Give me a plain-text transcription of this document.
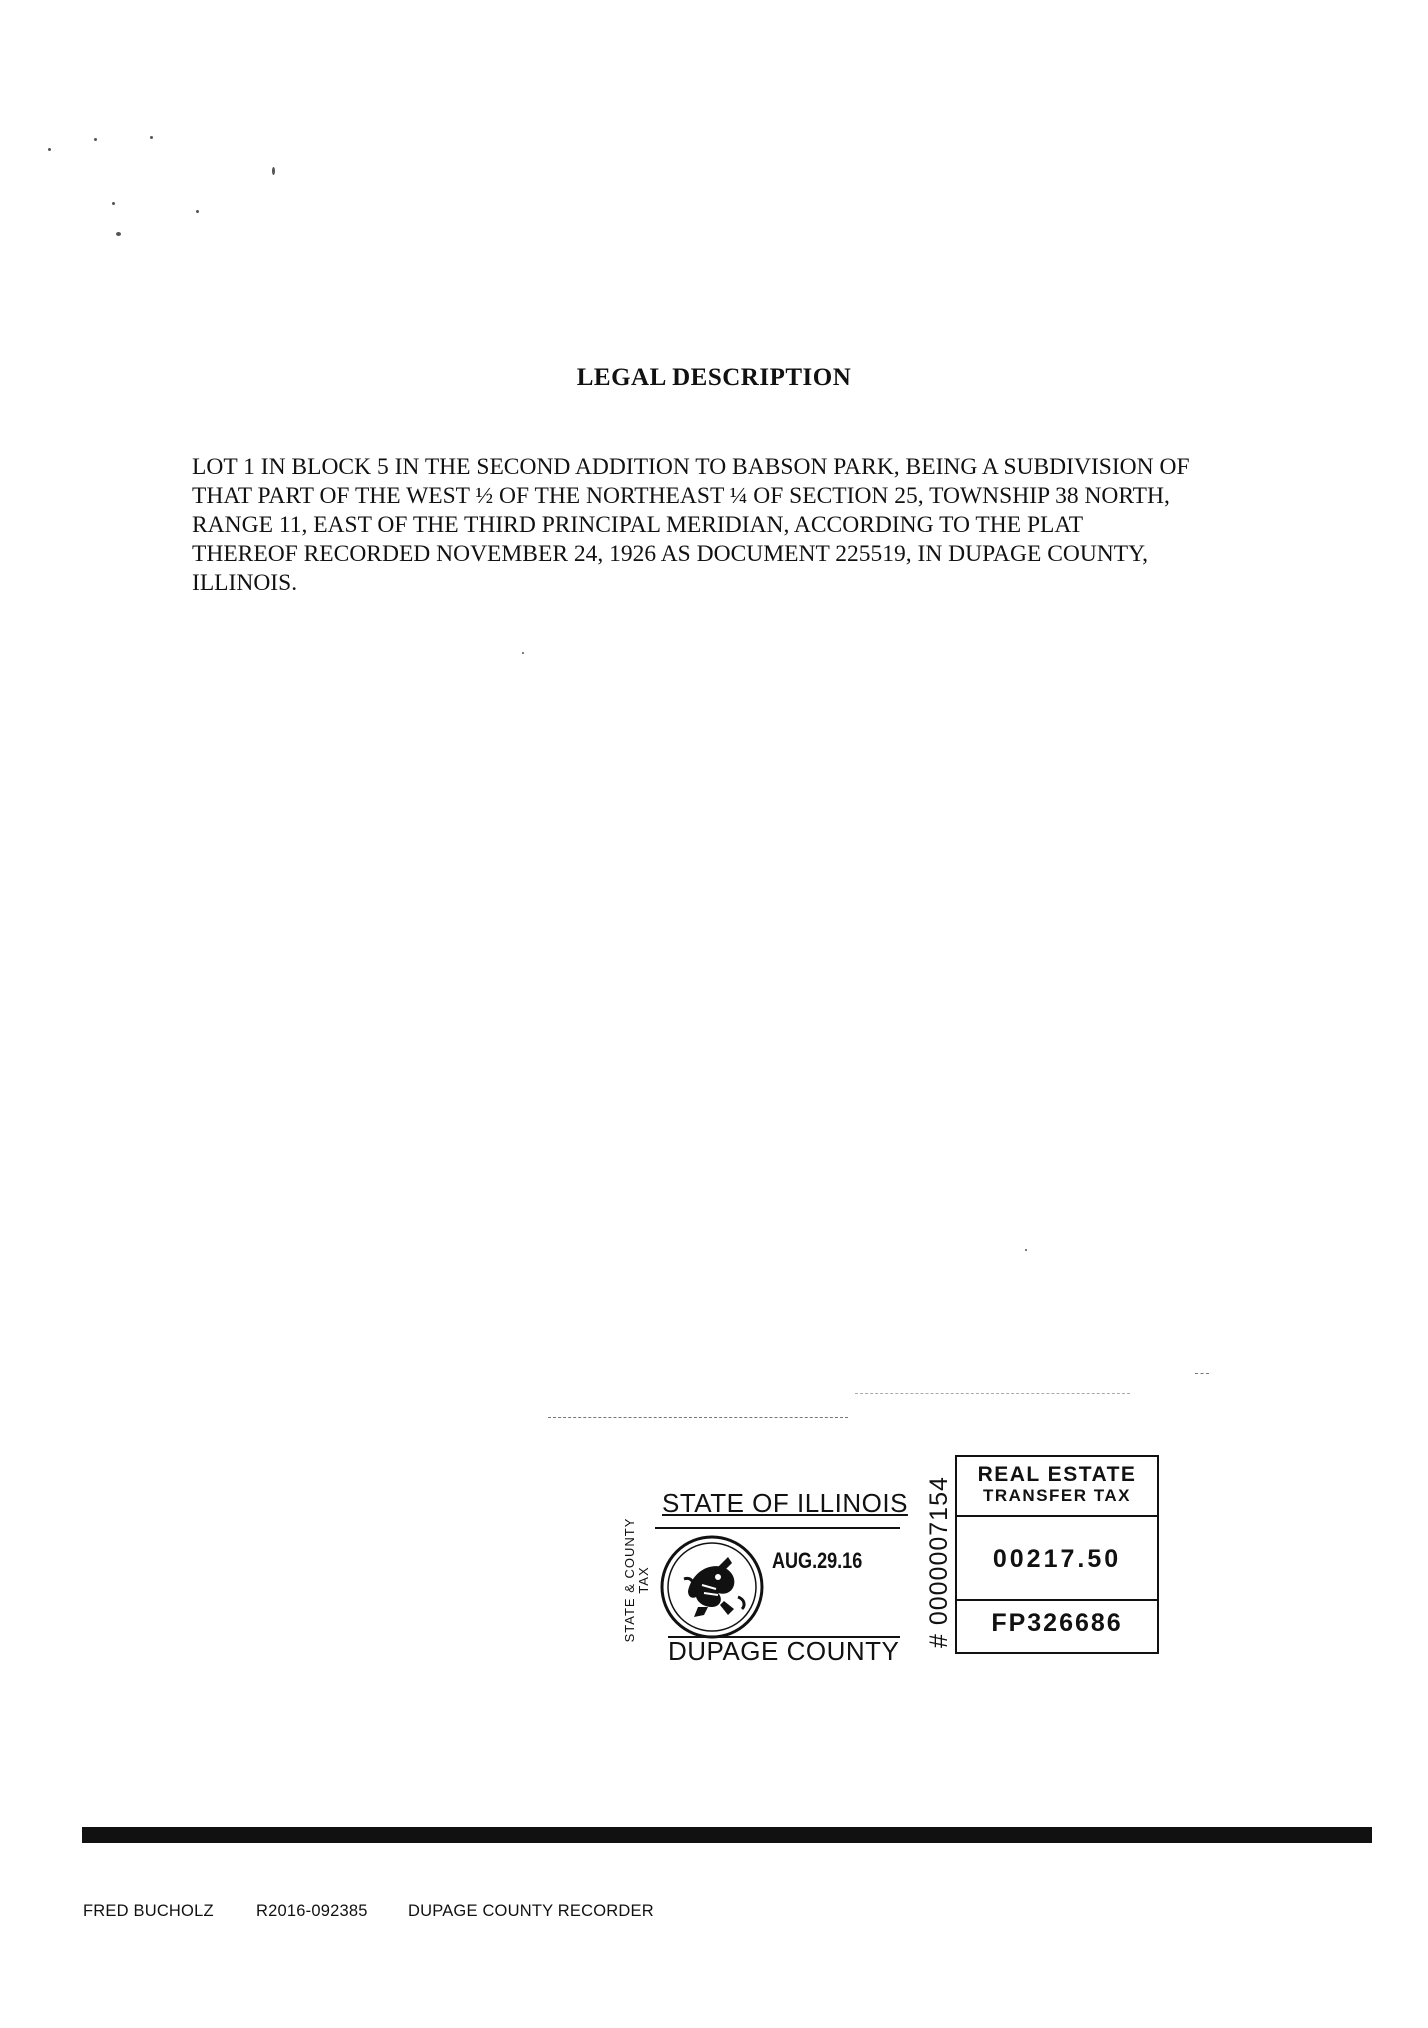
LEGAL DESCRIPTION

LOT 1 IN BLOCK 5 IN THE SECOND ADDITION TO BABSON PARK, BEING A SUBDIVISION OF THAT PART OF THE WEST ½ OF THE NORTHEAST ¼ OF SECTION 25, TOWNSHIP 38 NORTH, RANGE 11, EAST OF THE THIRD PRINCIPAL MERIDIAN, ACCORDING TO THE PLAT THEREOF RECORDED NOVEMBER 24, 1926 AS DOCUMENT 225519, IN DUPAGE COUNTY, ILLINOIS.

STATE & COUNTY TAX
STATE OF ILLINOIS
AUG.29.16
DUPAGE COUNTY
# 0000007154
REAL ESTATE
TRANSFER TAX
00217.50
FP326686
FRED BUCHOLZ	R2016-092385 DUPAGE COUNTY RECORDER
